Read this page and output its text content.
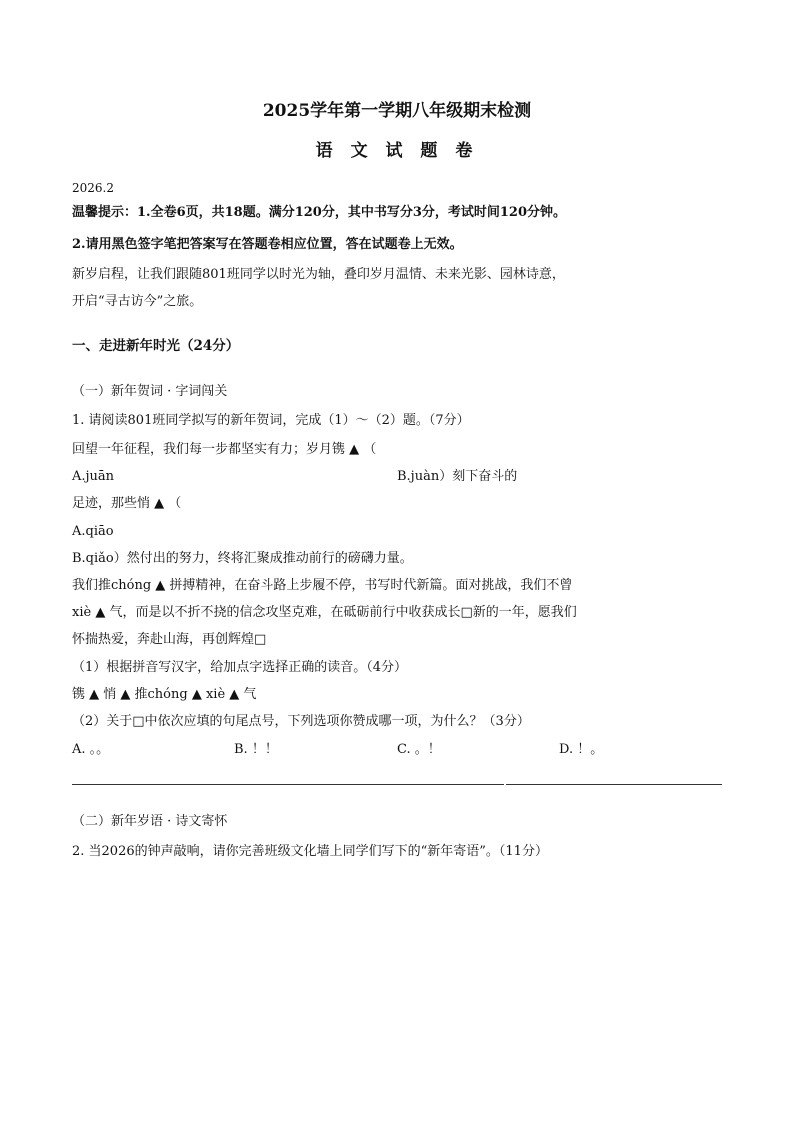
2025学年第一学期八年级期末检测
语 文 试 题 卷
2026.2
温馨提示：1.全卷6页，共18题。满分120分，其中书写分3分，考试时间120分钟。
2.请用黑色签字笔把答案写在答题卷相应位置，答在试题卷上无效。
新岁启程，让我们跟随801班同学以时光为轴，叠印岁月温情、未来光影、园林诗意，
开启“寻古访今”之旅。
一、走进新年时光（24分）
（一）新年贺词 · 字词闯关
1. 请阅读801班同学拟写的新年贺词，完成（1）～（2）题。（7分）
回望一年征程，我们每一步都坚实有力；岁月镌 ▲ （
A.juān	B.juàn）刻下奋斗的
足迹，那些悄 ▲ （
A.qiāo
B.qiǎo）然付出的努力，终将汇聚成推动前行的磅礴力量。
我们推chóng ▲ 拼搏精神，在奋斗路上步履不停，书写时代新篇。面对挑战，我们不曾
xiè ▲ 气，而是以不折不挠的信念攻坚克难，在砥砺前行中收获成长□新的一年，愿我们
怀揣热爱，奔赴山海，再创辉煌□
（1）根据拼音写汉字，给加点字选择正确的读音。（4分）
镌 ▲ 悄 ▲ 推chóng ▲ xiè ▲ 气
（2）关于□中依次应填的句尾点号，下列选项你赞成哪一项，为什么？（3分）
A. 。。	B. ！！	C. 。！	D. ！。
（二）新年岁语 · 诗文寄怀
2. 当2026的钟声敲响，请你完善班级文化墙上同学们写下的“新年寄语”。（11分）
